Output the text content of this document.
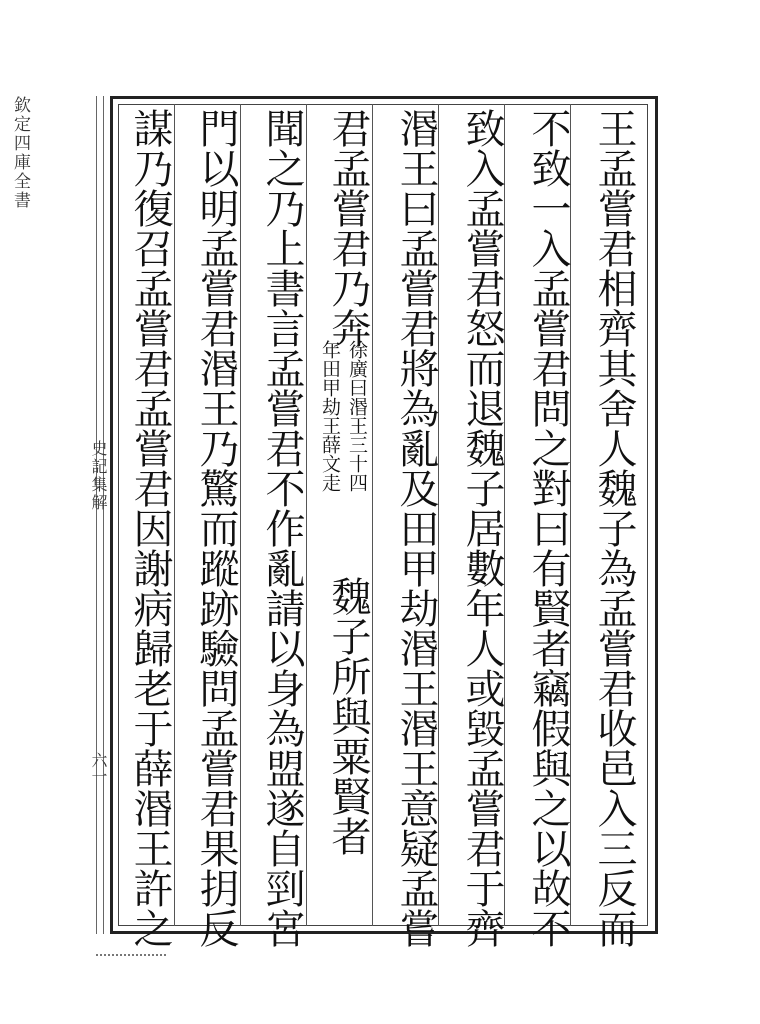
欽定四庫全書
史記集解
六一	王孟嘗君相齊其舍人魏子為孟嘗君收邑入三反而
不致一入孟嘗君問之對曰有賢者竊假與之以故不
致入孟嘗君怒而退魏子居數年人或毀孟嘗君于齊
湣王曰孟嘗君將為亂及田甲劫湣王湣王意疑孟嘗
君孟嘗君乃奔
徐廣曰湣王三十四
年田甲劫王薛文走
魏子所與粟賢者
聞之乃上書言孟嘗君不作亂請以身為盟遂自剄宮
門以明孟嘗君湣王乃驚而蹤跡驗問孟嘗君果抈反
謀乃復召孟嘗君孟嘗君因謝病歸老于薛湣王許之
